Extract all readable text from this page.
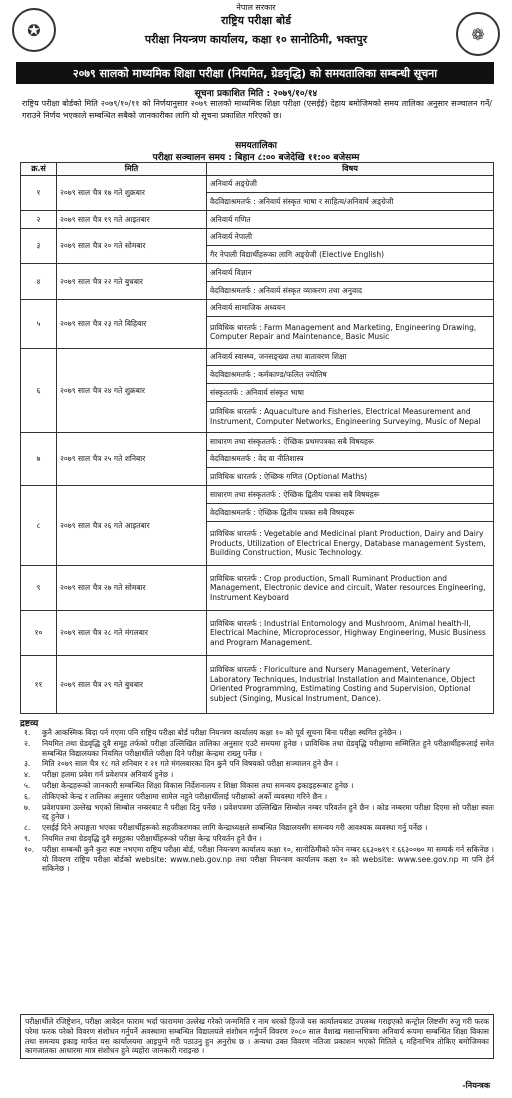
✪	❁
नेपाल सरकार
राष्ट्रिय परीक्षा बोर्ड
परीक्षा नियन्त्रण कार्यालय, कक्षा १० सानोठिमी, भक्तपुर
२०७९ सालको माध्यमिक शिक्षा परीक्षा (नियमित, ग्रेडवृद्धि) को समयतालिका सम्बन्धी सूचना
सूचना प्रकाशित मिति : २०७९/१०/१४
राष्ट्रिय परीक्षा बोर्डको मिति २०७९/१०/११ को निर्णयानुसार २०७९ सालको माध्यमिक शिक्षा परीक्षा (एसईई) देहाय बमोजिमको समय तालिका अनुसार सञ्चालन गर्ने/गराउने निर्णय भएकाले सम्बन्धित सबैको जानकारीका लागि यो सूचना प्रकाशित गरिएको छ।
समयतालिका
परीक्षा सञ्चालन समय : बिहान ८:०० बजेदेखि ११:०० बजेसम्म
क्र.सं	मिति	विषय
१	२०७९ साल चैत्र १७ गते शुक्रबार	अनिवार्य अङ्ग्रेजी
		वैदविद्याश्रमतर्फ : अनिवार्य संस्कृत भाषा र साहित्य/अनिवार्य अङ्ग्रेजी
२	२०७९ साल चैत्र १९ गते आइतबार	अनिवार्य गणित
३	२०७९ साल चैत्र २० गते सोमबार	अनिवार्य नेपाली
		गैर नेपाली विद्यार्थीहरूका लागि अङ्ग्रेजी (Elective English)
४	२०७९ साल चैत्र २२ गते बुधबार	अनिवार्य विज्ञान
		वेदविद्याश्रमतर्फ : अनिवार्य संस्कृत व्याकरण तथा अनुवाद
५	२०७९ साल चैत्र २३ गते बिहिबार	अनिवार्य सामाजिक अध्ययन
		प्राविधिक धारतर्फ : Farm Management and Marketing, Engineering Drawing, Computer Repair and Maintenance, Basic Music
६	२०७९ साल चैत्र २४ गते शुक्रबार	अनिवार्य स्वास्थ्य, जनसङ्ख्या तथा वातावरण शिक्षा
		वेदविद्याश्रमतर्फ : कर्मकाण्ड/फलित ज्योतिष
		संस्कृततर्फ : अनिवार्य संस्कृत भाषा
		प्राविधिक धारतर्फ : Aquaculture and Fisheries, Electrical Measurement and Instrument, Computer Networks, Engineering Surveying, Music of Nepal
७	२०७९ साल चैत्र २५ गते शनिबार	साधारण तथा संस्कृततर्फ : ऐच्छिक प्रथमपत्रका सबै विषयहरू
		वेदविद्याश्रमतर्फ : वेद वा नीतिशास्त्र
		प्राविधिक धारतर्फ : ऐच्छिक गणित (Optional Maths)
८	२०७९ साल चैत्र २६ गते आइतबार	साधारण तथा संस्कृततर्फ : ऐच्छिक द्वितीय पत्रका सबै विषयहरू
		वेदविद्याश्रमतर्फ : ऐच्छिक द्वितीय पत्रका सबै विषयहरू
		प्राविधिक धारतर्फ : Vegetable and Medicinal plant Production, Dairy and Dairy Products, Utilization of Electrical Energy, Database management System, Building Construction, Music Technology.
९	२०७९ साल चैत्र २७ गते सोमबार	प्राविधिक धारतर्फ : Crop production, Small Ruminant Production and Management, Electronic device and circuit, Water resources Engineering, Instrument Keyboard
१०	२०७९ साल चैत्र २८ गते मंगलबार	प्राविधिक धारतर्फ : Industrial Entomology and Mushroom, Animal health-II, Electrical Machine, Microprocessor, Highway Engineering, Music Business and Program Management.
११	२०७९ साल चैत्र २९ गते बुधबार	प्राविधिक धारतर्फ : Floriculture and Nursery Management, Veterinary Laboratory Techniques, Industrial Installation and Maintenance, Object Oriented Programming, Estimating Costing and Supervision, Optional subject (Singing, Musical Instrument, Dance).
द्रष्टव्य
१. कुनै आकस्मिक बिदा पर्न गएमा पनि राष्ट्रिय परीक्षा बोर्ड परीक्षा नियन्त्रण कार्यालय कक्षा १० को पूर्व सूचना बिना परीक्षा स्थगित हुनेछैन ।
२. नियमित तथा ग्रेडवृद्धि दुवै समूह तर्फको परीक्षा उल्लिखित तालिका अनुसार एउटै समयमा हुनेछ । प्राविधिक तथा ग्रेडवृद्धि परीक्षामा सम्मिलित हुने परीक्षार्थीहरूलाई समेत सम्बन्धित विद्यालयका नियमित परीक्षार्थीले परीक्षा दिने परीक्षा केन्द्रमा राख्नु पर्नेछ ।
३. मिति २०७९ साल चैत्र १८ गते शनिबार र २१ गते मंगलबारका दिन कुनै पनि विषयको परीक्षा सञ्चालन हुने छैन ।
४. परीक्षा हलमा प्रवेश गर्न प्रवेशपत्र अनिवार्य हुनेछ ।
५. परीक्षा केन्द्रहरूको जानकारी सम्बन्धित शिक्षा विकास निर्देशनालय र शिक्षा विकास तथा समन्वय इकाइहरूबाट हुनेछ ।
६. तोकिएको केन्द्र र तालिका अनुसार परीक्षामा सामेल नहुने परीक्षार्थीलाई परीक्षाको अर्को व्यवस्था गरिने छैन ।
७. प्रवेशपत्रमा उल्लेख भएको सिम्बोल नम्बरबाट नै परीक्षा दिनु पर्नेछ । प्रवेशपत्रमा उल्लिखित सिम्बोल नम्बर परिवर्तन हुने छैन । कोड नम्बरमा परीक्षा दिएमा सो परीक्षा स्वतः रद्द हुनेछ ।
८. एसईई दिने अपाङ्गता भएका परीक्षार्थीहरूको सहजीकरणका लागि केन्द्राध्यक्षले सम्बन्धित विद्यालयसँग समन्वय गरी आवश्यक व्यवस्था गर्नु पर्नेछ ।
९. नियमित तथा ग्रेडवृद्धि दुवै समूहका परीक्षार्थीहरूको परीक्षा केन्द्र परिवर्तन हुने छैन ।
१०. परीक्षा सम्बन्धी कुनै कुरा स्पष्ट नभएमा राष्ट्रिय परीक्षा बोर्ड, परीक्षा नियन्त्रण कार्यालय कक्षा १०, सानोठिमीको फोन नम्बर ६६३०७१९ र ६६३००७० मा सम्पर्क गर्न सकिनेछ । यो विवरण राष्ट्रिय परीक्षा बोर्डको website: www.neb.gov.np तथा परीक्षा नियन्त्रण कार्यालय कक्षा १० को website: www.see.gov.np मा पनि हेर्न सकिनेछ ।
परीक्षार्थीले रजिष्ट्रेशन, परीक्षा आवेदन फाराम भर्दा फाराममा उल्लेख गरेको जन्ममिति र नाम थरको हिज्जे यस कार्यालयबाट उपलब्ध गराइएको कन्ट्रोल लिष्टसँग रुजु गरी फरक परेमा फरक परेको विवरण संशोधन गर्नुपर्ने अवस्थामा सम्बन्धित विद्यालयले संशोधन गर्नुपर्ने विवरण २०८० साल वैशाख मसान्तभित्रमा अनिवार्य रूपमा सम्बन्धित शिक्षा विकास तथा समन्वय इकाइ मार्फत यस कार्यालयमा आइपुग्ने गरी पठाउनु हुन अनुरोध छ । अन्यथा उक्त विवरण नतिजा प्रकाशन भएको मितिले ६ महिनाभित्र तोकिए बमोजिमका कागजातका आधारमा मात्र संशोधन हुने व्यहोरा जानकारी गराइन्छ ।
-नियन्त्रक
